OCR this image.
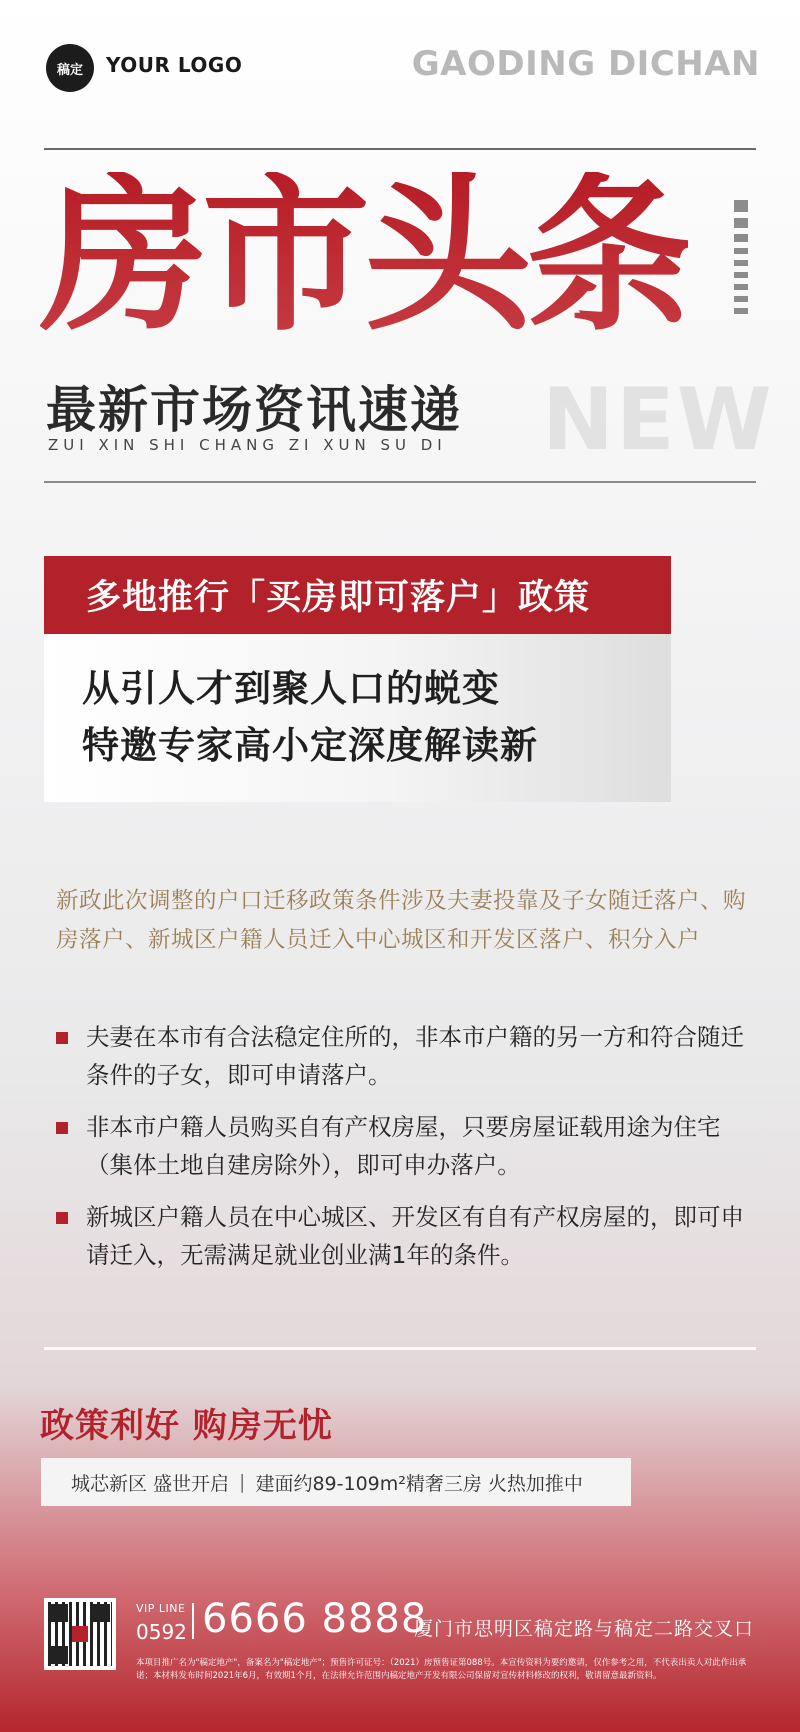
稿定	YOUR LOGO	GAODING DICHAN
房市头条
NEW
最新市场资讯速递
ZUI XIN SHI CHANG ZI XUN SU DI
多地推行「买房即可落户」政策
从引人才到聚人口的蜕变
特邀专家高小定深度解读新
新政此次调整的户口迁移政策条件涉及夫妻投靠及子女随迁落户、购房落户、新城区户籍人员迁入中心城区和开发区落户、积分入户
夫妻在本市有合法稳定住所的，非本市户籍的另一方和符合随迁条件的子女，即可申请落户。
非本市户籍人员购买自有产权房屋，只要房屋证载用途为住宅（集体土地自建房除外），即可申办落户。
新城区户籍人员在中心城区、开发区有自有产权房屋的，即可申请迁入，无需满足就业创业满1年的条件。
政策利好 购房无忧
城芯新区 盛世开启 | 建面约89-109m²精奢三房 火热加推中
VIP LINE
0592 6666 8888
厦门市思明区稿定路与稿定二路交叉口
本项目推广名为"稿定地产"，备案名为"稿定地产"；预售许可证号：（2021）房预售证第088号。本宣传资料为要约邀请，仅作参考之用，不代表出卖人对此作出承诺；本材料发布时间2021年6月，有效期1个月，在法律允许范围内稿定地产开发有限公司保留对宣传材料修改的权利，敬请留意最新资料。
